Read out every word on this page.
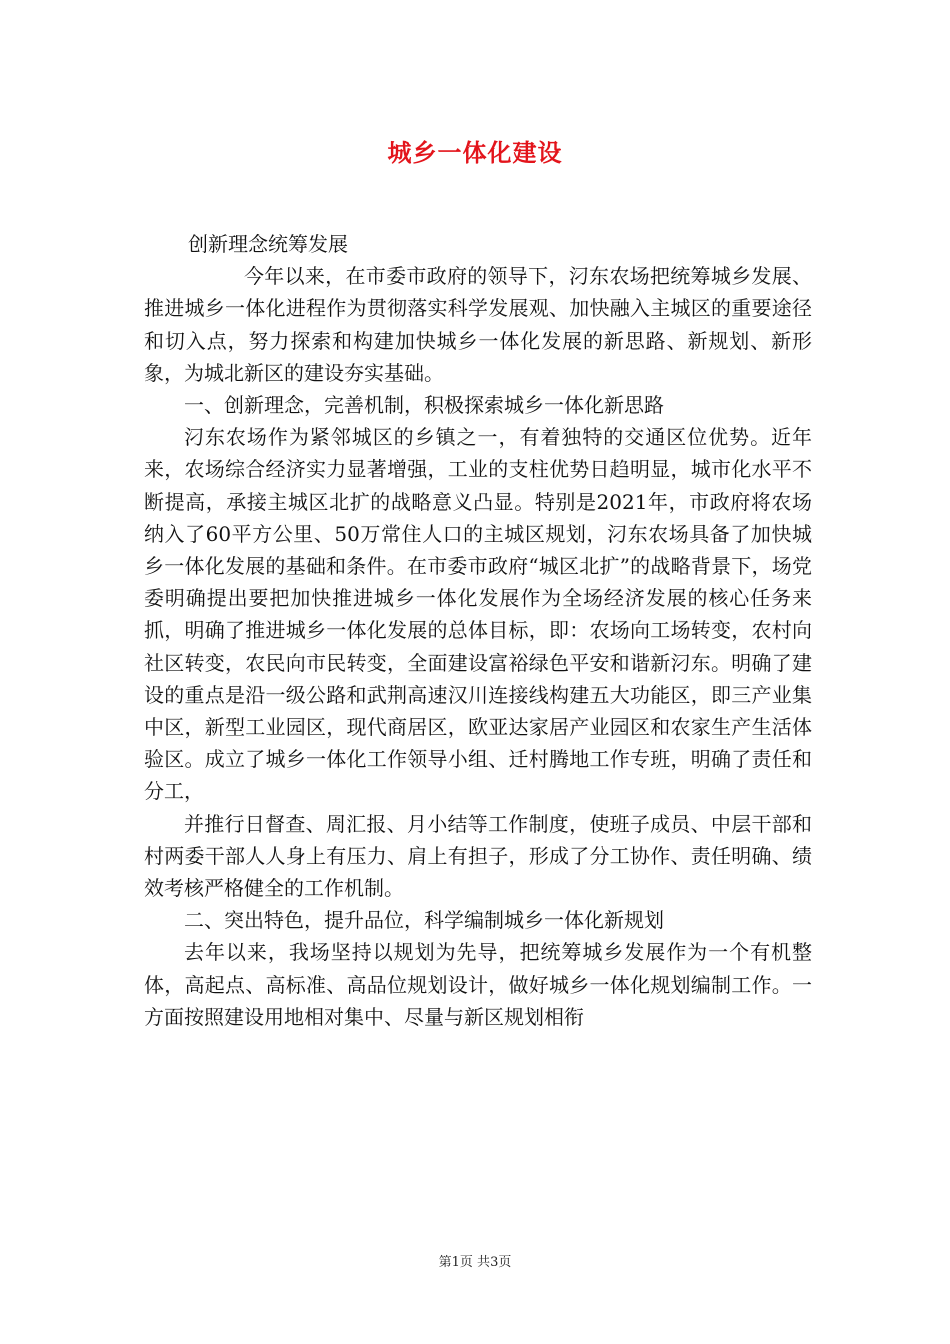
城乡一体化建设

创新理念统筹发展

今年以来，在市委市政府的领导下，汈东农场把统筹城乡发展、推进城乡一体化进程作为贯彻落实科学发展观、加快融入主城区的重要途径和切入点，努力探索和构建加快城乡一体化发展的新思路、新规划、新形象，为城北新区的建设夯实基础。

一、创新理念，完善机制，积极探索城乡一体化新思路

汈东农场作为紧邻城区的乡镇之一，有着独特的交通区位优势。近年来，农场综合经济实力显著增强，工业的支柱优势日趋明显，城市化水平不断提高，承接主城区北扩的战略意义凸显。特别是2021年，市政府将农场纳入了60平方公里、50万常住人口的主城区规划，汈东农场具备了加快城乡一体化发展的基础和条件。在市委市政府“城区北扩”的战略背景下，场党委明确提出要把加快推进城乡一体化发展作为全场经济发展的核心任务来抓，明确了推进城乡一体化发展的总体目标，即：农场向工场转变，农村向社区转变，农民向市民转变，全面建设富裕绿色平安和谐新汈东。明确了建设的重点是沿一级公路和武荆高速汉川连接线构建五大功能区，即三产业集中区，新型工业园区，现代商居区，欧亚达家居产业园区和农家生产生活体验区。成立了城乡一体化工作领导小组、迁村腾地工作专班，明确了责任和分工，

并推行日督查、周汇报、月小结等工作制度，使班子成员、中层干部和村两委干部人人身上有压力、肩上有担子，形成了分工协作、责任明确、绩效考核严格健全的工作机制。

二、突出特色，提升品位，科学编制城乡一体化新规划

去年以来，我场坚持以规划为先导，把统筹城乡发展作为一个有机整体，高起点、高标准、高品位规划设计，做好城乡一体化规划编制工作。一方面按照建设用地相对集中、尽量与新区规划相衔

第1页 共3页
